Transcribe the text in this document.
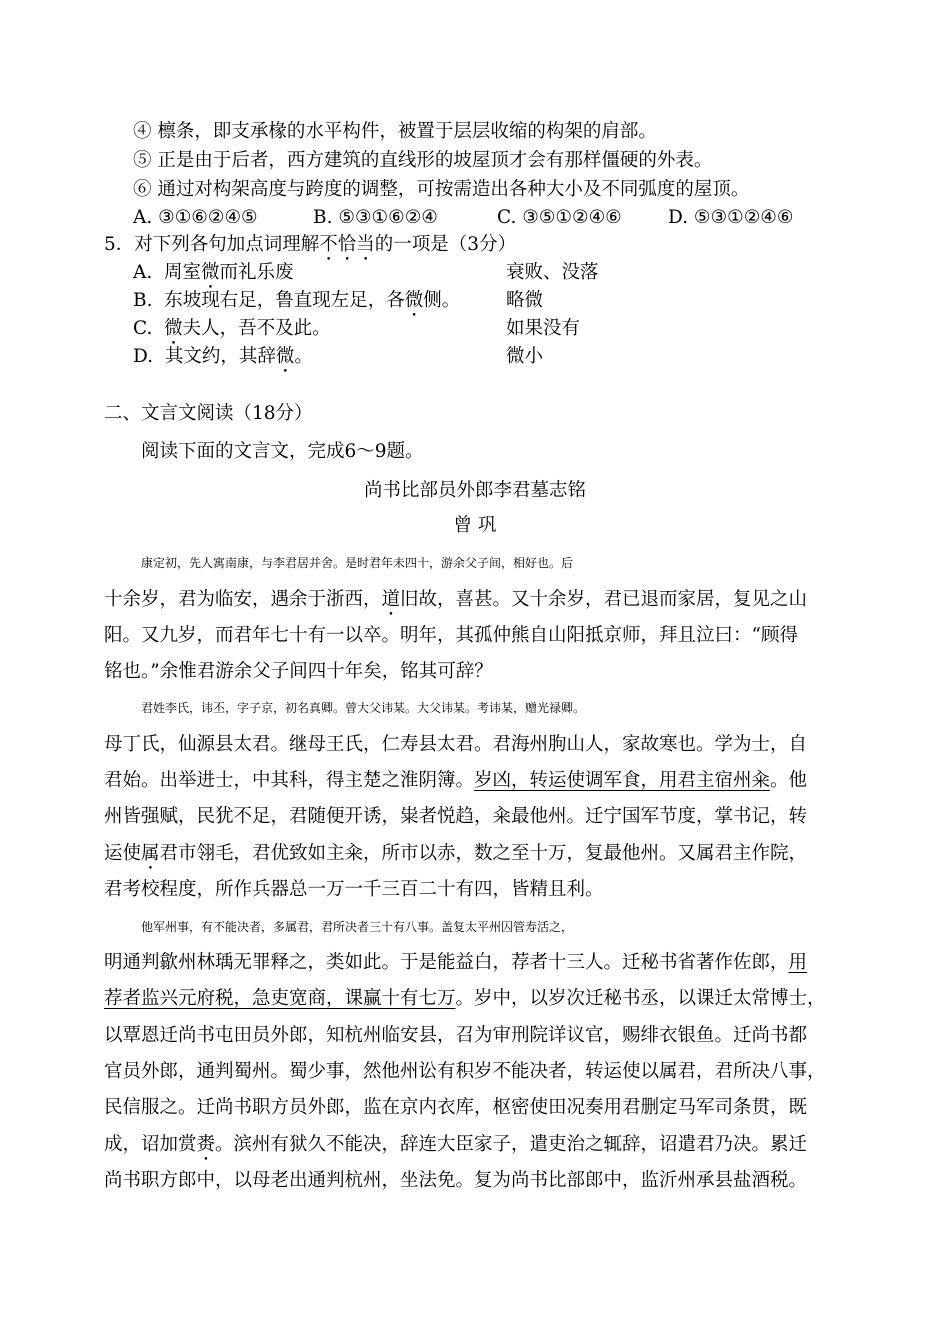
④ 檩条，即支承椽的水平构件，被置于层层收缩的构架的肩部。
⑤ 正是由于后者，西方建筑的直线形的坡屋顶才会有那样僵硬的外表。
⑥ 通过对构架高度与跨度的调整，可按需造出各种大小及不同弧度的屋顶。
A. ③①⑥②④⑤	B. ⑤③①⑥②④	C. ③⑤①②④⑥ D. ⑤③①②④⑥
5．对下列各句加点词理解不恰当的一项是（3分）
A. 周室微而礼乐废	衰败、没落
B. 东坡现右足，鲁直现左足，各微侧。 略微
C. 微夫人，吾不及此。	如果没有
D. 其文约，其辞微。	微小
二、文言文阅读（18分）
阅读下面的文言文，完成6～9题。
尚书比部员外郎李君墓志铭
曾 巩
康定初，先人寓南康，与李君居并舍。是时君年未四十，游余父子间，相好也。后
十余岁，君为临安，遇余于浙西，道旧故，喜甚。又十余岁，君已退而家居，复见之山
阳。又九岁，而君年七十有一以卒。明年，其孤仲熊自山阳抵京师，拜且泣曰：“顾得
铭也。”余惟君游余父子间四十年矣，铭其可辞？
君姓李氏，讳丕，字子京，初名真卿。曾大父讳某。大父讳某。考讳某，赠光禄卿。
母丁氏，仙源县太君。继母王氏，仁寿县太君。君海州朐山人，家故寒也。学为士，自
君始。出举进士，中其科，得主楚之淮阴簿。岁凶，转运使调军食，用君主宿州籴。他
州皆强赋，民犹不足，君随便开诱，粜者悦趋，籴最他州。迁宁国军节度，掌书记，转
运使属君市翎毛，君优致如主籴，所市以赤，数之至十万，复最他州。又属君主作院，
君考校程度，所作兵器总一万一千三百二十有四，皆精且利。
他军州事，有不能决者，多属君，君所决者三十有八事。盖复太平州囚管寿活之，
明通判歙州林瑀无罪释之，类如此。于是能益白，荐者十三人。迁秘书省著作佐郎，用
荐者监兴元府税，急吏宽商，课赢十有七万。岁中，以岁次迁秘书丞，以课迁太常博士，
以覃恩迁尚书屯田员外郎，知杭州临安县，召为审刑院详议官，赐绯衣银鱼。迁尚书都
官员外郎，通判蜀州。蜀少事，然他州讼有积岁不能决者，转运使以属君，君所决八事，
民信服之。迁尚书职方员外郎，监在京内衣库，枢密使田况奏用君删定马军司条贯，既
成，诏加赏赉。滨州有狱久不能决，辞连大臣家子，遣吏治之辄辞，诏遣君乃决。累迁
尚书职方郎中，以母老出通判杭州，坐法免。复为尚书比部郎中，监沂州承县盐酒税。
